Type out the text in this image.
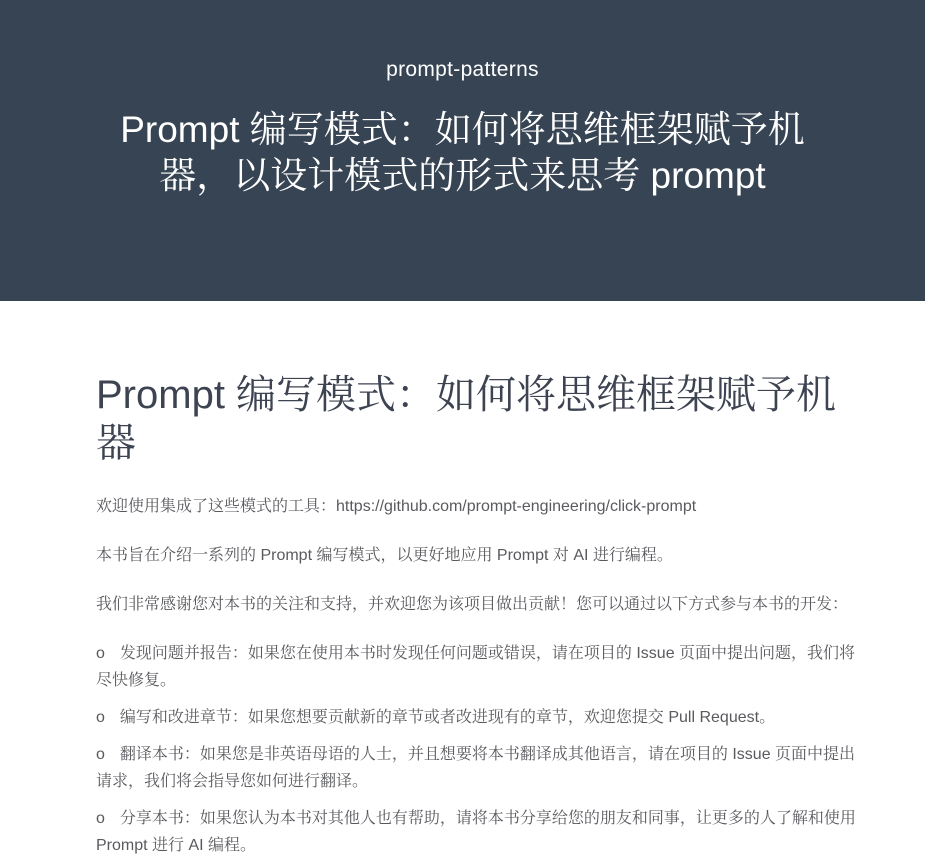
prompt-patterns
Prompt 编写模式：如何将思维框架赋予机器，以设计模式的形式来思考 prompt
Prompt 编写模式：如何将思维框架赋予机器

欢迎使用集成了这些模式的工具：https://github.com/prompt-engineering/click-prompt

本书旨在介绍一系列的 Prompt 编写模式，以更好地应用 Prompt 对 AI 进行编程。

我们非常感谢您对本书的关注和支持，并欢迎您为该项目做出贡献！您可以通过以下方式参与本书的开发：

o 发现问题并报告：如果您在使用本书时发现任何问题或错误，请在项目的 Issue 页面中提出问题，我们将尽快修复。
o 编写和改进章节：如果您想要贡献新的章节或者改进现有的章节，欢迎您提交 Pull Request。
o 翻译本书：如果您是非英语母语的人士，并且想要将本书翻译成其他语言，请在项目的 Issue 页面中提出请求，我们将会指导您如何进行翻译。
o 分享本书：如果您认为本书对其他人也有帮助，请将本书分享给您的朋友和同事，让更多的人了解和使用 Prompt 进行 AI 编程。
